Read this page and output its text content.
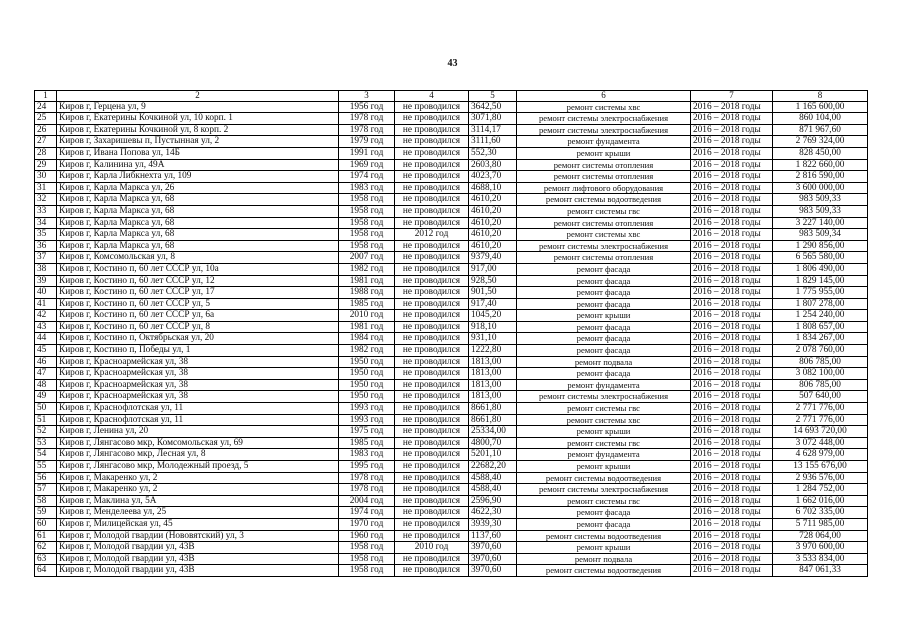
43
1	2	3	4	5	6	7	8
24	Киров г, Герцена ул, 9	1956 год	не проводился	3642,50	ремонт системы хвс	2016 – 2018 годы	1 165 600,00
25	Киров г, Екатерины Кочкиной ул, 10 корп. 1	1978 год	не проводился	3071,80	ремонт системы электроснабжения	2016 – 2018 годы	860 104,00
26	Киров г, Екатерины Кочкиной ул, 8 корп. 2	1978 год	не проводился	3114,17	ремонт системы электроснабжения	2016 – 2018 годы	871 967,60
27	Киров г, Захаришевы п, Пустынная ул, 2	1979 год	не проводился	3111,60	ремонт фундамента	2016 – 2018 годы	2 769 324,00
28	Киров г, Ивана Попова ул, 14Б	1991 год	не проводился	552,30	ремонт крыши	2016 – 2018 годы	828 450,00
29	Киров г, Калинина ул, 49А	1969 год	не проводился	2603,80	ремонт системы отопления	2016 – 2018 годы	1 822 660,00
30	Киров г, Карла Либкнехта ул, 109	1974 год	не проводился	4023,70	ремонт системы отопления	2016 – 2018 годы	2 816 590,00
31	Киров г, Карла Маркса ул, 26	1983 год	не проводился	4688,10	ремонт лифтового оборудования	2016 – 2018 годы	3 600 000,00
32	Киров г, Карла Маркса ул, 68	1958 год	не проводился	4610,20	ремонт системы водоотведения	2016 – 2018 годы	983 509,33
33	Киров г, Карла Маркса ул, 68	1958 год	не проводился	4610,20	ремонт системы гвс	2016 – 2018 годы	983 509,33
34	Киров г, Карла Маркса ул, 68	1958 год	не проводился	4610,20	ремонт системы отопления	2016 – 2018 годы	3 227 140,00
35	Киров г, Карла Маркса ул, 68	1958 год	2012 год	4610,20	ремонт системы хвс	2016 – 2018 годы	983 509,34
36	Киров г, Карла Маркса ул, 68	1958 год	не проводился	4610,20	ремонт системы электроснабжения	2016 – 2018 годы	1 290 856,00
37	Киров г, Комсомольская ул, 8	2007 год	не проводился	9379,40	ремонт системы отопления	2016 – 2018 годы	6 565 580,00
38	Киров г, Костино п, 60 лет СССР ул, 10а	1982 год	не проводился	917,00	ремонт фасада	2016 – 2018 годы	1 806 490,00
39	Киров г, Костино п, 60 лет СССР ул, 12	1981 год	не проводился	928,50	ремонт фасада	2016 – 2018 годы	1 829 145,00
40	Киров г, Костино п, 60 лет СССР ул, 17	1988 год	не проводился	901,50	ремонт фасада	2016 – 2018 годы	1 775 955,00
41	Киров г, Костино п, 60 лет СССР ул, 5	1985 год	не проводился	917,40	ремонт фасада	2016 – 2018 годы	1 807 278,00
42	Киров г, Костино п, 60 лет СССР ул, 6а	2010 год	не проводился	1045,20	ремонт крыши	2016 – 2018 годы	1 254 240,00
43	Киров г, Костино п, 60 лет СССР ул, 8	1981 год	не проводился	918,10	ремонт фасада	2016 – 2018 годы	1 808 657,00
44	Киров г, Костино п, Октябрьская ул, 20	1984 год	не проводился	931,10	ремонт фасада	2016 – 2018 годы	1 834 267,00
45	Киров г, Костино п, Победы ул, 1	1982 год	не проводился	1222,80	ремонт фасада	2016 – 2018 годы	2 078 760,00
46	Киров г, Красноармейская ул, 38	1950 год	не проводился	1813,00	ремонт подвала	2016 – 2018 годы	806 785,00
47	Киров г, Красноармейская ул, 38	1950 год	не проводился	1813,00	ремонт фасада	2016 – 2018 годы	3 082 100,00
48	Киров г, Красноармейская ул, 38	1950 год	не проводился	1813,00	ремонт фундамента	2016 – 2018 годы	806 785,00
49	Киров г, Красноармейская ул, 38	1950 год	не проводился	1813,00	ремонт системы электроснабжения	2016 – 2018 годы	507 640,00
50	Киров г, Краснофлотская ул, 11	1993 год	не проводился	8661,80	ремонт системы гвс	2016 – 2018 годы	2 771 776,00
51	Киров г, Краснофлотская ул, 11	1993 год	не проводился	8661,80	ремонт системы хвс	2016 – 2018 годы	2 771 776,00
52	Киров г, Ленина ул, 20	1975 год	не проводился	25334,00	ремонт крыши	2016 – 2018 годы	14 693 720,00
53	Киров г, Лянгасово мкр, Комсомольская ул, 69	1985 год	не проводился	4800,70	ремонт системы гвс	2016 – 2018 годы	3 072 448,00
54	Киров г, Лянгасово мкр, Лесная ул, 8	1983 год	не проводился	5201,10	ремонт фундамента	2016 – 2018 годы	4 628 979,00
55	Киров г, Лянгасово мкр, Молодежный проезд, 5	1995 год	не проводился	22682,20	ремонт крыши	2016 – 2018 годы	13 155 676,00
56	Киров г, Макаренко ул, 2	1978 год	не проводился	4588,40	ремонт системы водоотведения	2016 – 2018 годы	2 936 576,00
57	Киров г, Макаренко ул, 2	1978 год	не проводился	4588,40	ремонт системы электроснабжения	2016 – 2018 годы	1 284 752,00
58	Киров г, Маклина ул, 5А	2004 год	не проводился	2596,90	ремонт системы гвс	2016 – 2018 годы	1 662 016,00
59	Киров г, Менделеева ул, 25	1974 год	не проводился	4622,30	ремонт фасада	2016 – 2018 годы	6 702 335,00
60	Киров г, Милицейская ул, 45	1970 год	не проводился	3939,30	ремонт фасада	2016 – 2018 годы	5 711 985,00
61	Киров г, Молодой гвардии (Нововятский) ул, 3	1960 год	не проводился	1137,60	ремонт системы водоотведения	2016 – 2018 годы	728 064,00
62	Киров г, Молодой гвардии ул, 43В	1958 год	2010 год	3970,60	ремонт крыши	2016 – 2018 годы	3 970 600,00
63	Киров г, Молодой гвардии ул, 43В	1958 год	не проводился	3970,60	ремонт подвала	2016 – 2018 годы	3 533 834,00
64	Киров г, Молодой гвардии ул, 43В	1958 год	не проводился	3970,60	ремонт системы водоотведения	2016 – 2018 годы	847 061,33
